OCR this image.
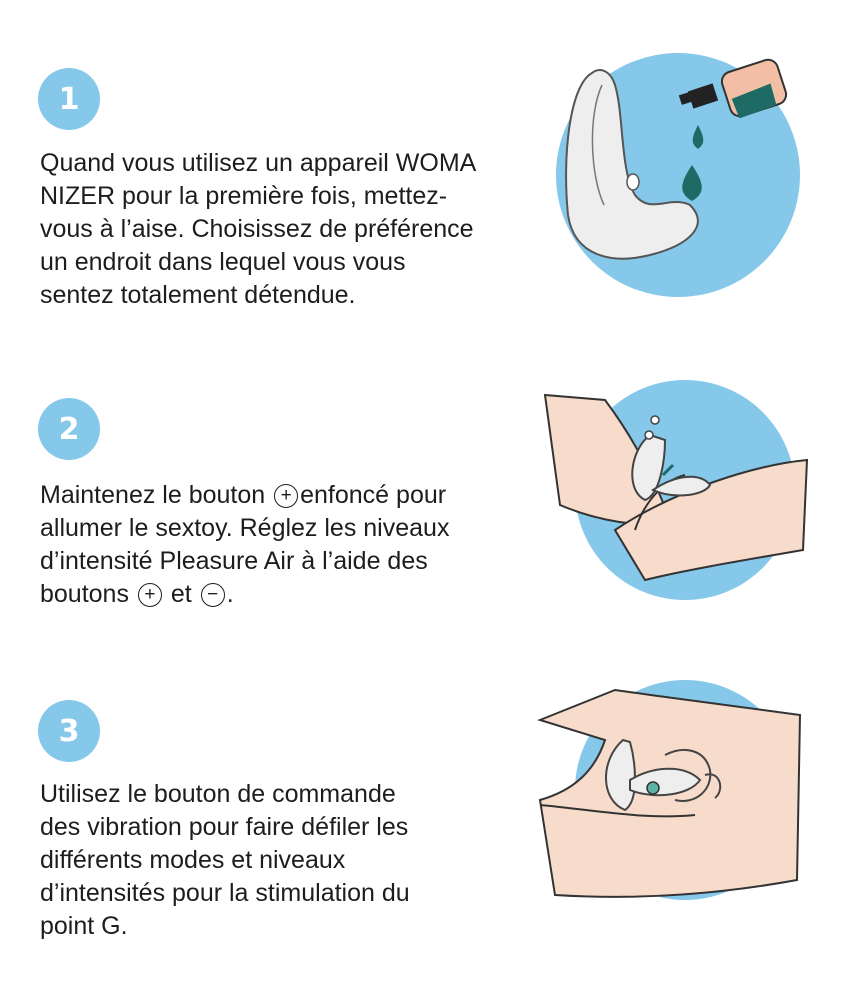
1

Quand vous utilisez un appareil WOMA
NIZER pour la première fois, mettez-
vous à l’aise. Choisissez de préférence
un endroit dans lequel vous vous
sentez totalement détendue.

2

Maintenez le bouton + enfoncé pour
allumer le sextoy. Réglez les niveaux
d’intensité Pleasure Air à l’aide des
boutons + et − .

3

Utilisez le bouton de commande
des vibration pour faire défiler les
différents modes et niveaux
d’intensités pour la stimulation du
point G.
